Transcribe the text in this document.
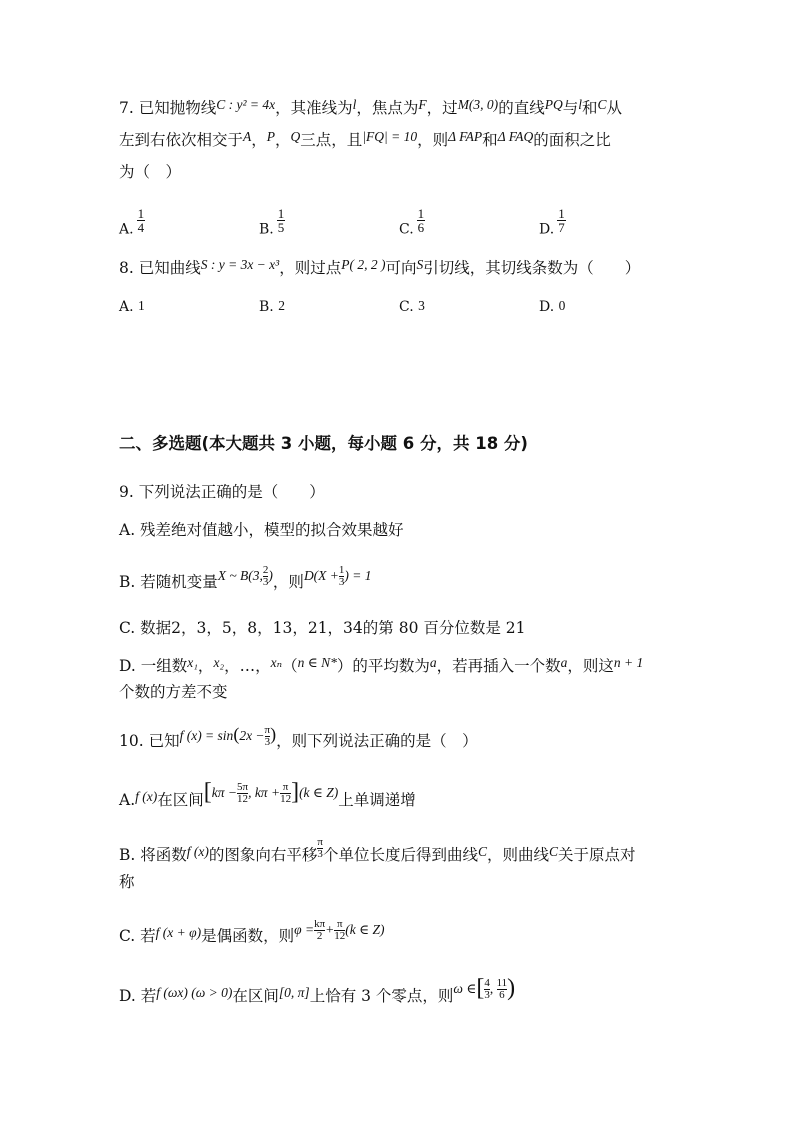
7. 已知抛物线C : y² = 4x，其准线为l，焦点为F，过M(3, 0)的直线PQ与l和C从
左到右依次相交于A，P，Q三点，且|FQ| = 10，则Δ FAP和Δ FAQ的面积之比
为（　）
A. $\frac{1}{4}$	B. $\frac{1}{5}$	C. $\frac{1}{6}$	D. $\frac{1}{7}$
8. 已知曲线S : y = 3x − x³，则过点P( 2, 2 )可向S引切线，其切线条数为（　　）
A. 1	B. 2	C. 3	D. 0
二、多选题(本大题共 3 小题，每小题 6 分，共 18 分)
9. 下列说法正确的是（　　）
A. 残差绝对值越小，模型的拟合效果越好
B. 若随机变量X ~ B(3, $\frac{2}{3}$ )，则$D(X + \frac{1}{3}$ ) = 1
C. 数据2，3，5，8，13，21，34的第 80 百分位数是 21
D. 一组数x₁，x₂，…，xₙ（n ∈ N*）的平均数为a，若再插入一个数a，则这n + 1
个数的方差不变
10. 已知f $(x) = \sin(2x - \frac{\pi}{3}$ )，则下列说法正确的是（　）
A.f (x)在区间[$k\pi - \frac{5\pi}{12}$ , $k\pi + \frac{\pi}{12} ](k$ ∈ Z)上单调递增
B. 将函数f (x)的图象向右平移 $\frac{\pi}{3}$ 个单位长度后得到曲线C，则曲线C关于原点对
称
C. 若f (x + φ)是偶函数，则$\varphi = \frac{k\pi}{2} + \frac{\pi}{12} (k$ ∈ Z)
D. 若f (ωx) (ω > 0)在区间[0, π]上恰有 3 个零点，则ω ∈[ $\frac{4}{3}$ , $\frac{11}{6}$ )
